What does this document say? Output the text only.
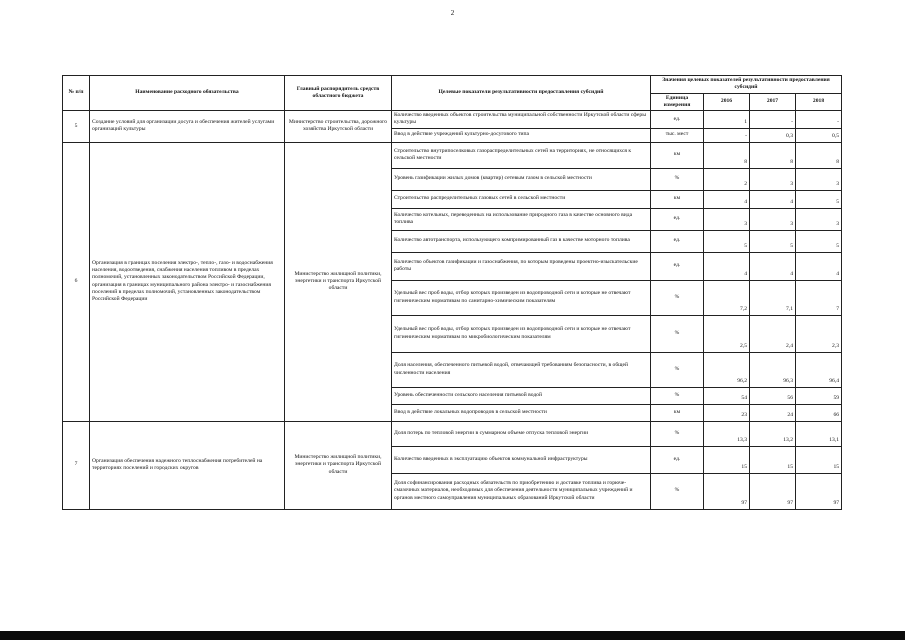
2
№ п/п	Наименование расходного обязательства	Главный распорядитель средств областного бюджета	Целевые показатели результативности предоставления субсидий	Значения целевых показателей результативности предоставления субсидий			
				Единица измерения	2016	2017	2018
5	Создание условий для организации досуга и обеспечения жителей услугами организаций культуры	Министерство строительства, дорожного хозяйства Иркутской области	Количество введенных объектов строительства муниципальной собственности Иркутской области сферы культуры	ед.	1	-	-
			Ввод в действие учреждений культурно-досугового типа	тыс. мест	-	0,3	0,5
6	Организация в границах поселения электро-, тепло-, газо- и водоснабжения населения, водоотведения, снабжения населения топливом в пределах полномочий, установленных законодательством Российской Федерации, организация в границах муниципального района электро- и газоснабжения поселений в пределах полномочий, установленных законодательством Российской Федерации	Министерство жилищной политики, энергетики и транспорта Иркутской области	Строительство внутрипоселковых газораспределительных сетей на территориях, не относящихся к сельской местности	км	8	8	8
			Уровень газификации жилых домов (квартир) сетевым газом в сельской местности	%	2	3	3
			Строительство распределительных газовых сетей в сельской местности	км	4	4	5
			Количество котельных, переведенных на использование природного газа в качестве основного вида топлива	ед.	3	3	3
			Количество автотранспорта, использующего компримированный газ в качестве моторного топлива	ед.	5	5	5
			Количество объектов газификации и газоснабжения, по которым проведены проектно-изыскательские работы	ед.	4	4	4
			Удельный вес проб воды, отбор которых произведен из водопроводной сети и которые не отвечают гигиеническим нормативам по санитарно-химическим показателям	%	7,2	7,1	7
			Удельный вес проб воды, отбор которых произведен из водопроводной сети и которые не отвечают гигиеническим нормативам по микробиологическим показателям	%	2,5	2,4	2,3
			Доля населения, обеспеченного питьевой водой, отвечающей требованиям безопасности, в общей численности населения	%	96,2	96,3	96,4
			Уровень обеспеченности сельского населения питьевой водой	%	54	56	59
			Ввод в действие локальных водопроводов в сельской местности	км	23	24	66
7	Организация обеспечения надежного теплоснабжения потребителей на территориях поселений и городских округов	Министерство жилищной политики, энергетики и транспорта Иркутской области	Доля потерь по тепловой энергии в суммарном объеме отпуска тепловой энергии	%	13,3	13,2	13,1
			Количество введенных в эксплуатацию объектов коммунальной инфраструктуры	ед.	15	15	15
			Доля софинансирования расходных обязательств по приобретению и доставке топлива и горюче-смазочных материалов, необходимых для обеспечения деятельности муниципальных учреждений и органов местного самоуправления муниципальных образований Иркутской области	%	97	97	97
